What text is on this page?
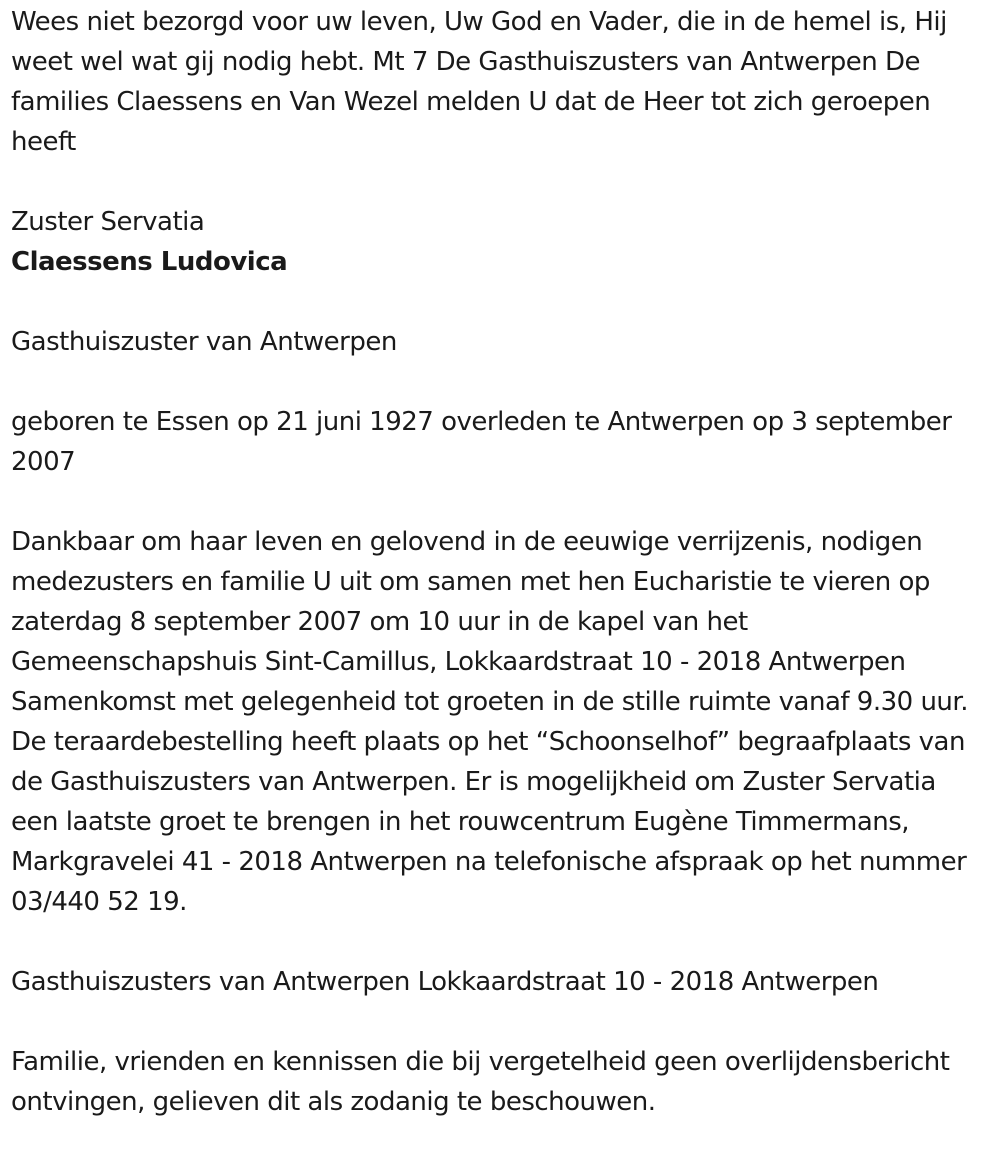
Wees niet bezorgd voor uw leven, Uw God en Vader, die in de hemel is, Hij weet wel wat gij nodig hebt. Mt 7 De Gasthuiszusters van Antwerpen De families Claessens en Van Wezel melden U dat de Heer tot zich geroepen heeft

Zuster Servatia

Claessens Ludovica

Gasthuiszuster van Antwerpen

geboren te Essen op 21 juni 1927 overleden te Antwerpen op 3 september 2007

Dankbaar om haar leven en gelovend in de eeuwige verrijzenis, nodigen medezusters en familie U uit om samen met hen Eucharistie te vieren op zaterdag 8 september 2007 om 10 uur in de kapel van het Gemeenschapshuis Sint-Camillus, Lokkaardstraat 10 - 2018 Antwerpen Samenkomst met gelegenheid tot groeten in de stille ruimte vanaf 9.30 uur. De teraardebestelling heeft plaats op het “Schoonselhof” begraafplaats van de Gasthuiszusters van Antwerpen. Er is mogelijkheid om Zuster Servatia een laatste groet te brengen in het rouwcentrum Eugène Timmermans, Markgravelei 41 - 2018 Antwerpen na telefonische afspraak op het nummer 03/440 52 19.

Gasthuiszusters van Antwerpen Lokkaardstraat 10 - 2018 Antwerpen

Familie, vrienden en kennissen die bij vergetelheid geen overlijdensbericht ontvingen, gelieven dit als zodanig te beschouwen.
